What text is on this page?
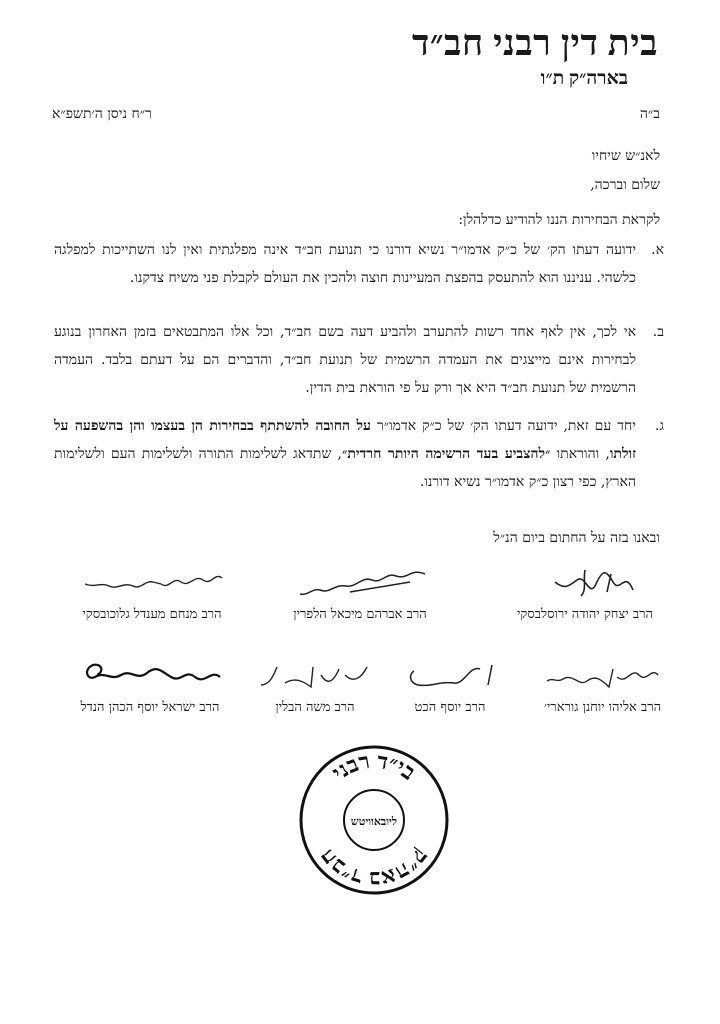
בית דין רבני חב״ד
בארה״ק ת״ו
ב״ה
ר״ח ניסן ה׳תשפ״א
לאנ״ש שיחיו
שלום וברכה,
לקראת הבחירות הננו להודיע כדלהלן:
א.
ידועה דעתו הק׳ של כ״ק אדמו״ר נשיא דורנו כי תנועת חב״ד אינה מפלגתית ואין לנו השתייכות למפלגה כלשהי. עניננו הוא להתעסק בהפצת המעיינות חוצה ולהכין את העולם לקבלת פני משיח צדקנו.
ב.
אי לכך, אין לאף אחד רשות להתערב ולהביע דעה בשם חב״ד, וכל אלו המתבטאים בזמן האחרון בנוגע לבחירות אינם מייצגים את העמדה הרשמית של תנועת חב״ד, והדברים הם על דעתם בלבד. העמדה הרשמית של תנועת חב״ד היא אך ורק על פי הוראת בית הדין.
ג.
יחד עם זאת, ידועה דעתו הק׳ של כ״ק אדמו״ר על החובה להשתתף בבחירות הן בעצמו והן בהשפעה על זולתו, והוראתו ״להצביע בעד הרשימה היותר חרדית״, שתדאג לשלימות התורה ולשלימות העם ולשלימות הארץ, כפי רצון כ״ק אדמו״ר נשיא דורנו.
ובאנו בזה על החתום ביום הנ״ל
הרב יצחק יהודה ירוסלבסקי
הרב אברהם מיכאל הלפרין
הרב מנחם מענדל גלוכובסקי
הרב אליהו יוחנן גורארי׳
הרב יוסף הכט
הרב משה הבלין
הרב ישראל יוסף הכהן הנדל
בי״ד רבני
חב״ד באה״ק
ליובאוויטש
